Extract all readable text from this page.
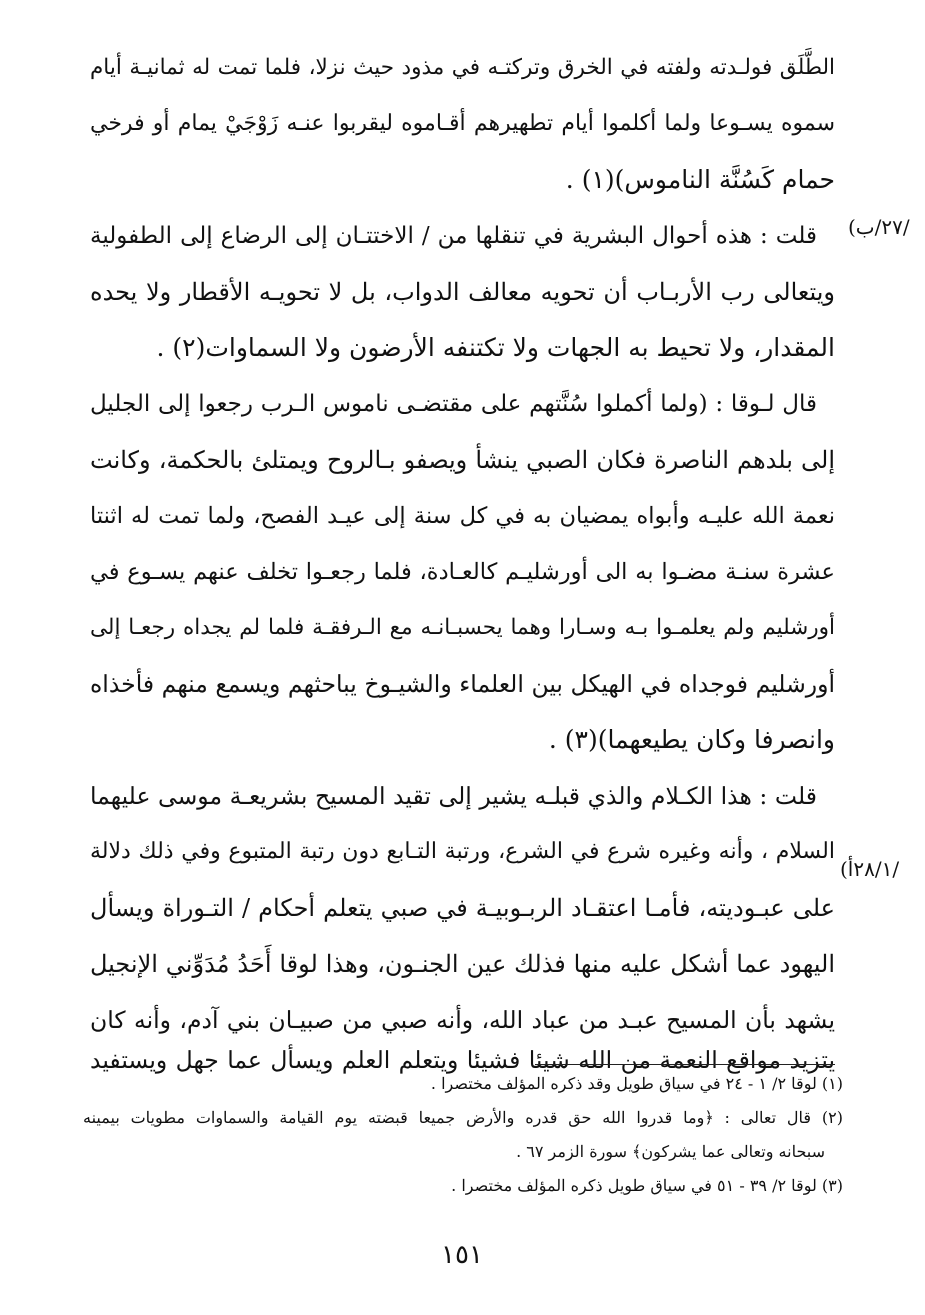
الطَّلَق فولـدته ولفته في الخرق وتركتـه في مذود حيث نزلا، فلما تمت له ثمانيـة أيام
سموه يسـوعا ولما أكلموا أيام تطهيرهم أقـاموه ليقربوا عنـه زَوْجَيْ يمام أو فرخي
حمام كَسُنَّة الناموس)(١) .
/٢٧/ب)
قلت : هذه أحوال البشرية في تنقلها من / الاختتـان إلى الرضاع إلى الطفولية
ويتعالى رب الأربـاب أن تحويه معالف الدواب، بل لا تحويـه الأقطار ولا يحده
المقدار، ولا تحيط به الجهات ولا تكتنفه الأرضون ولا السماوات(٢) .
قال لـوقا : (ولما أكملوا سُنَّتهم على مقتضـى ناموس الـرب رجعوا إلى الجليل
إلى بلدهم الناصرة فكان الصبي ينشأ ويصفو بـالروح ويمتلئ بالحكمة، وكانت
نعمة الله عليـه وأبواه يمضيان به في كل سنة إلى عيـد الفصح، ولما تمت له اثنتا
عشرة سنـة مضـوا به الى أورشليـم كالعـادة، فلما رجعـوا تخلف عنهم يسـوع في
أورشليم ولم يعلمـوا بـه وسـارا وهما يحسبـانـه مع الـرفقـة فلما لم يجداه رجعـا إلى
أورشليم فوجداه في الهيكل بين العلماء والشيـوخ يباحثهم ويسمع منهم فأخذاه
وانصرفا وكان يطيعهما)(٣) .
قلت : هذا الكـلام والذي قبلـه يشير إلى تقيد المسيح بشريعـة موسى عليهما
السلام ، وأنه وغيره شرع في الشرع، ورتبة التـابع دون رتبة المتبوع وفي ذلك دلالة
/٢٨/١أ)
على عبـوديته، فأمـا اعتقـاد الربـوبيـة في صبي يتعلم أحكام / التـوراة ويسأل
اليهود عما أشكل عليه منها فذلك عين الجنـون، وهذا لوقا أَحَدُ مُدَوِّني الإنجيل
يشهد بأن المسيح عبـد من عباد الله، وأنه صبي من صبيـان بني آدم، وأنه كان
يتزيد مواقع النعمة من الله شيئا فشيئا ويتعلم العلم ويسأل عما جهل ويستفيد
(١) لوقا ٢/ ١ - ٢٤ في سياق طويل وقد ذكره المؤلف مختصرا .
(٢) قال تعالى : ﴿وما قدروا الله حق قدره والأرض جميعا قبضته يوم القيامة والسماوات مطويات بيمينه
سبحانه وتعالى عما يشركون﴾ سورة الزمر ٦٧ .
(٣) لوقا ٢/ ٣٩ - ٥١ في سياق طويل ذكره المؤلف مختصرا .
١٥١
